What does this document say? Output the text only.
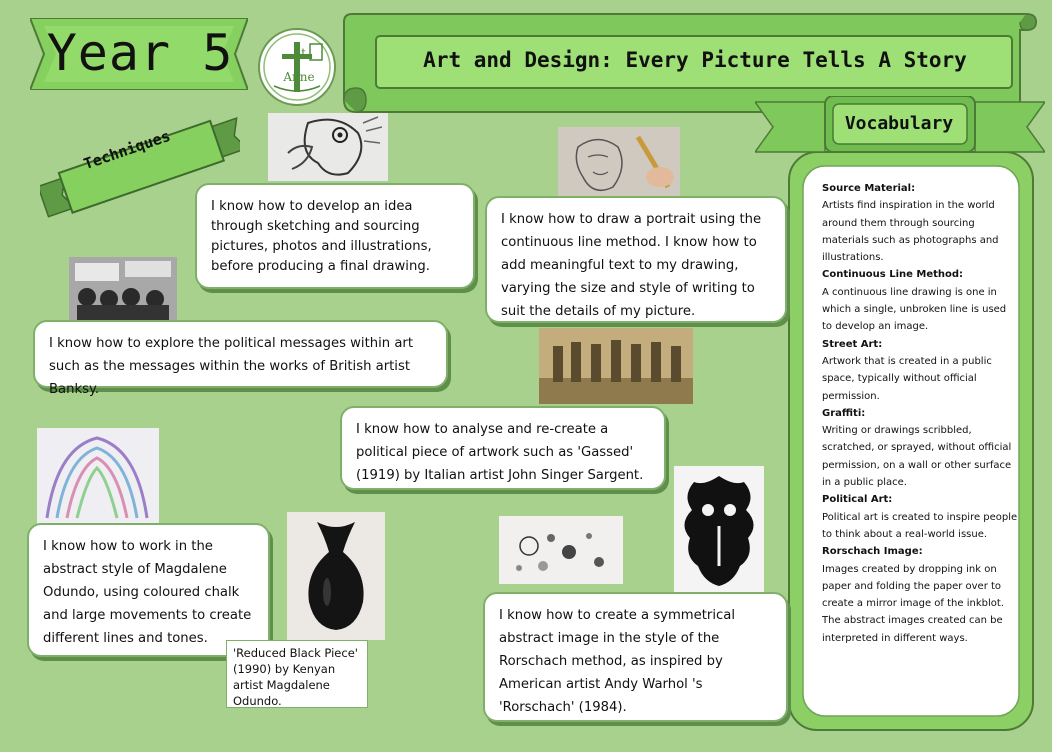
Year 5	St
Anne
Art and Design: Every Picture Tells A Story
Techniques
Vocabulary
Source Material:
Artists find inspiration in the world around them through sourcing materials such as photographs and illustrations.
Continuous Line Method:
A continuous line drawing is one in which a single, unbroken line is used to develop an image.
Street Art:
Artwork that is created in a public space, typically without official permission.
Graffiti:
Writing or drawings scribbled, scratched, or sprayed, without official permission, on a wall or other surface in a public place.
Political Art:
Political art is created to inspire people to think about a real-world issue.
Rorschach Image:
Images created by dropping ink on paper and folding the paper over to create a mirror image of the inkblot. The abstract images created can be interpreted in different ways.
I know how to develop an idea through sketching and sourcing pictures, photos and illustrations, before producing a final drawing.
I know how to draw a portrait using the continuous line method. I know how to add meaningful text to my drawing, varying the size and style of writing to suit the details of my picture.
I know how to explore the political messages within art such as the messages within the works of British artist Banksy.
I know how to analyse and re-create a political piece of artwork such as 'Gassed' (1919) by Italian artist John Singer Sargent.
I know how to work in the abstract style of Magdalene Odundo, using coloured chalk and large movements to create different lines and tones.
I know how to create a symmetrical abstract image in the style of the Rorschach method, as inspired by American artist Andy Warhol 's 'Rorschach' (1984).
'Reduced Black Piece' (1990) by Kenyan artist Magdalene Odundo.
